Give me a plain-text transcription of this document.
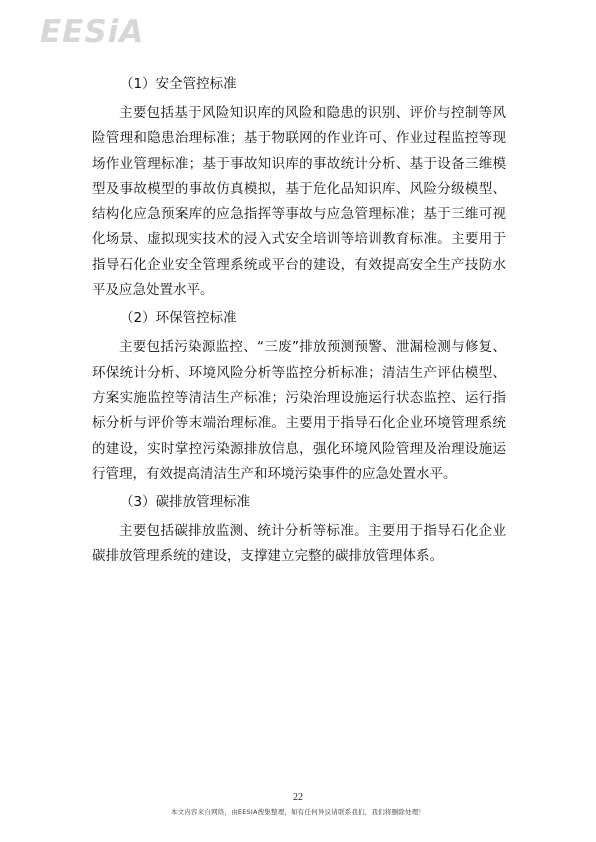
EESiA
（1）安全管控标准

主要包括基于风险知识库的风险和隐患的识别、评价与控制等风险管理和隐患治理标准；基于物联网的作业许可、作业过程监控等现场作业管理标准；基于事故知识库的事故统计分析、基于设备三维模型及事故模型的事故仿真模拟，基于危化品知识库、风险分级模型、结构化应急预案库的应急指挥等事故与应急管理标准；基于三维可视化场景、虚拟现实技术的浸入式安全培训等培训教育标准。主要用于指导石化企业安全管理系统或平台的建设，有效提高安全生产技防水平及应急处置水平。

（2）环保管控标准

主要包括污染源监控、“三废”排放预测预警、泄漏检测与修复、环保统计分析、环境风险分析等监控分析标准；清洁生产评估模型、方案实施监控等清洁生产标准；污染治理设施运行状态监控、运行指标分析与评价等末端治理标准。主要用于指导石化企业环境管理系统的建设，实时掌控污染源排放信息，强化环境风险管理及治理设施运行管理，有效提高清洁生产和环境污染事件的应急处置水平。

（3）碳排放管理标准

主要包括碳排放监测、统计分析等标准。主要用于指导石化企业碳排放管理系统的建设，支撑建立完整的碳排放管理体系。

22
本文内容来自网络，由EESIA搜集整理，如有任何异议请联系我们，我们将删除处理！
